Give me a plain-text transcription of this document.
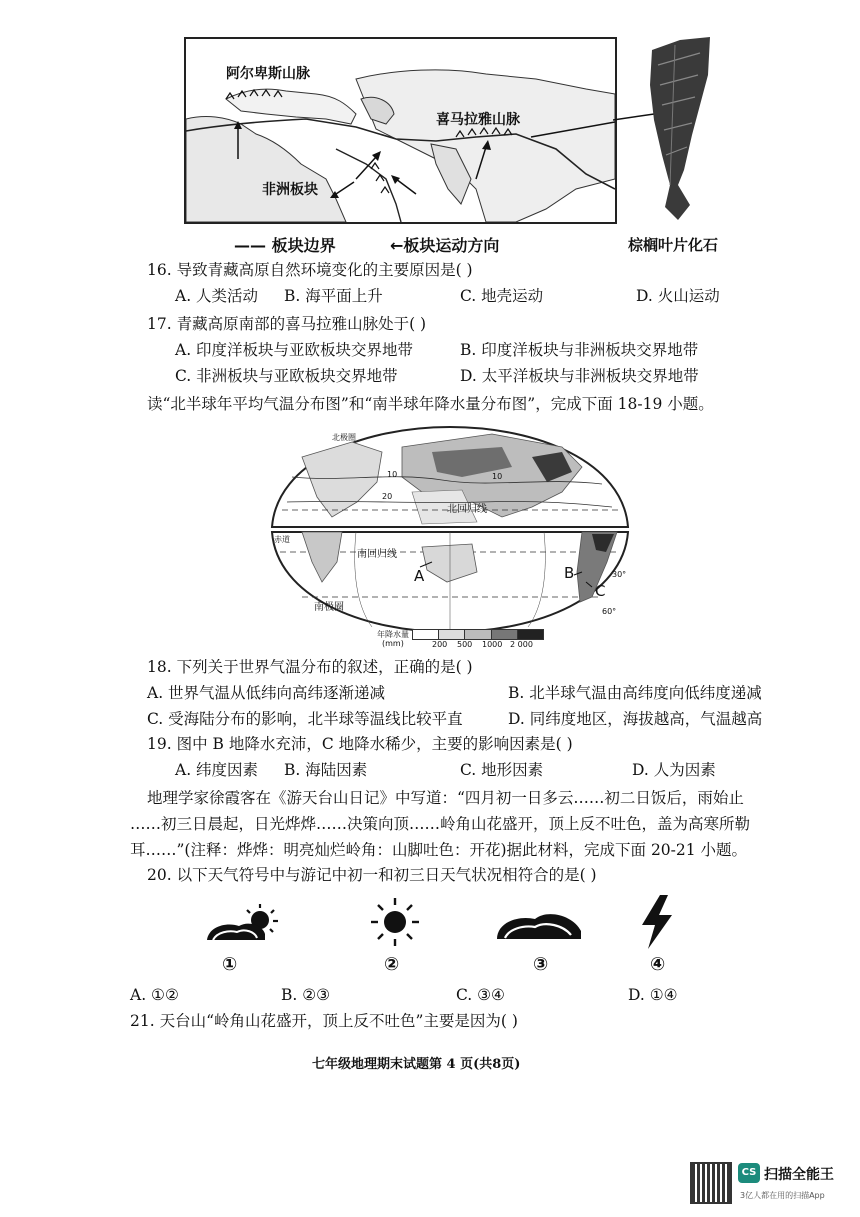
阿尔卑斯山脉
喜马拉雅山脉
非洲板块
—— 板块边界	←板块运动方向	棕榈叶片化石
16. 导致青藏高原自然环境变化的主要原因是( )
A. 人类活动 B. 海平面上升	C. 地壳运动	D. 火山运动
17. 青藏高原南部的喜马拉雅山脉处于( )
A. 印度洋板块与亚欧板块交界地带	B. 印度洋板块与非洲板块交界地带
C. 非洲板块与亚欧板块交界地带	D. 太平洋板块与非洲板块交界地带
读“北半球年平均气温分布图”和“南半球年降水量分布图”，完成下面 18-19 小题。
北极圈
10	10
20
北回归线
赤道
南回归线
A	B
C
30°
60°
南极圈
年降水量
(mm)	200 500 1000 2 000
18. 下列关于世界气温分布的叙述，正确的是( )
A. 世界气温从低纬向高纬逐渐递减	B. 北半球气温由高纬度向低纬度递减
C. 受海陆分布的影响，北半球等温线比较平直	D. 同纬度地区，海拔越高，气温越高
19. 图中 B 地降水充沛，C 地降水稀少，主要的影响因素是( )
A. 纬度因素 B. 海陆因素	C. 地形因素	D. 人为因素
地理学家徐霞客在《游天台山日记》中写道：“四月初一日多云……初二日饭后，雨始止
……初三日晨起，日光烨烨……决策向顶……岭角山花盛开，顶上反不吐色，盖为高寒所勒
耳……”(注释：烨烨：明亮灿烂岭角：山脚吐色：开花)据此材料，完成下面 20-21 小题。
20. 以下天气符号中与游记中初一和初三日天气状况相符合的是( )
①	②	③	④
A. ①②	B. ②③	C. ③④	D. ①④
21. 天台山“岭角山花盛开，顶上反不吐色”主要是因为( )
七年级地理期末试题第 4 页(共8页)
CS 扫描全能王
3亿人都在用的扫描App
